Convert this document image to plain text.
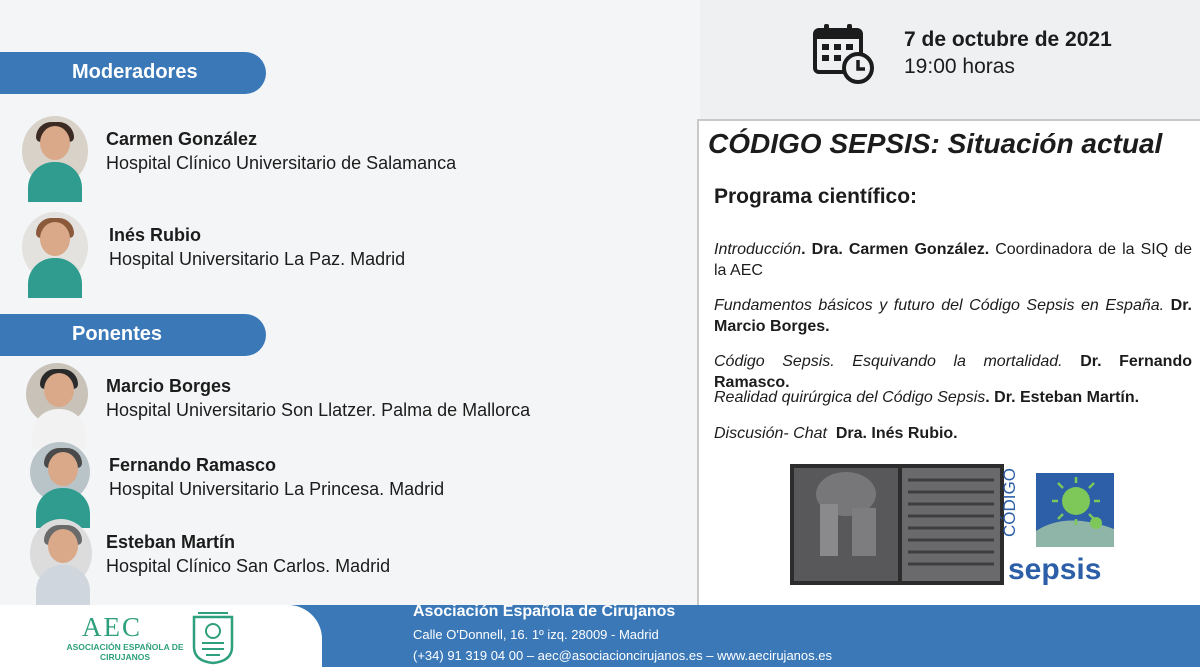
Moderadores
Carmen González
Hospital Clínico Universitario de Salamanca
Inés Rubio
Hospital Universitario La Paz. Madrid
Ponentes
Marcio Borges
Hospital Universitario Son Llatzer. Palma de Mallorca
Fernando Ramasco
Hospital Universitario La Princesa. Madrid
Esteban Martín
Hospital Clínico San Carlos. Madrid
7 de octubre de 2021
19:00 horas
CÓDIGO SEPSIS: Situación actual
Programa científico:
Introducción. Dra. Carmen González. Coordinadora de la SIQ de la AEC
Fundamentos básicos y futuro del Código Sepsis en España. Dr. Marcio Borges.
Código Sepsis. Esquivando la mortalidad. Dr. Fernando Ramasco.
Realidad quirúrgica del Código Sepsis. Dr. Esteban Martín.
Discusión- Chat Dra. Inés Rubio.
CÓDIGO
sepsis
AEC
ASOCIACIÓN ESPAÑOLA DE CIRUJANOS
Asociación Española de Cirujanos
Calle O'Donnell, 16. 1º izq. 28009 - Madrid
(+34) 91 319 04 00 – aec@asociacioncirujanos.es – www.aecirujanos.es
